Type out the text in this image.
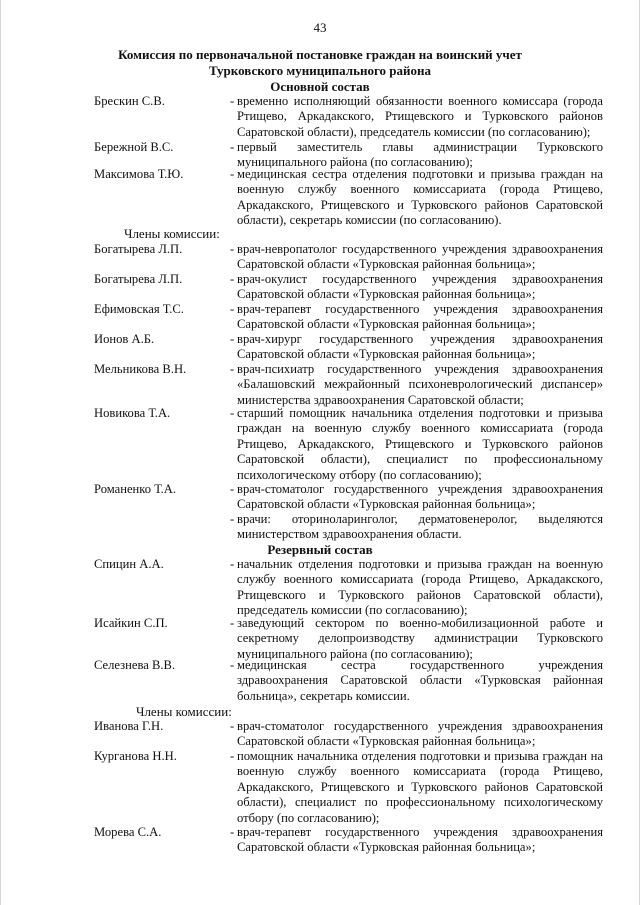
43
Комиссия по первоначальной постановке граждан на воинский учет
Турковского муниципального района
Основной состав
Брескин С.В.	- временно исполняющий обязанности военного комиссара (города Ртищево, Аркадакского, Ртищевского и Турковского районов Саратовской области), председатель комиссии (по согласованию);
Бережной В.С.	- первый заместитель главы администрации Турковского муниципального района (по согласованию);
Максимова Т.Ю.	- медицинская сестра отделения подготовки и призыва граждан на военную службу военного комиссариата (города Ртищево, Аркадакского, Ртищевского и Турковского районов Саратовской области), секретарь комиссии (по согласованию).
Члены комиссии:
Богатырева Л.П.	- врач-невропатолог государственного учреждения здравоохранения Саратовской области «Турковская районная больница»;
Богатырева Л.П.	- врач-окулист государственного учреждения здравоохранения Саратовской области «Турковская районная больница»;
Ефимовская Т.С.	- врач-терапевт государственного учреждения здравоохранения Саратовской области «Турковская районная больница»;
Ионов А.Б.	- врач-хирург государственного учреждения здравоохранения Саратовской области «Турковская районная больница»;
Мельникова В.Н.	- врач-психиатр государственного учреждения здравоохранения «Балашовский межрайонный психоневрологический диспансер» министерства здравоохранения Саратовской области;
Новикова Т.А.	- старший помощник начальника отделения подготовки и призыва граждан на военную службу военного комиссариата (города Ртищево, Аркадакского, Ртищевского и Турковского районов Саратовской области), специалист по профессиональному психологическому отбору (по согласованию);
Романенко Т.А.	- врач-стоматолог государственного учреждения здравоохранения Саратовской области «Турковская районная больница»;
- врачи: оториноларинголог, дерматовенеролог, выделяются министерством здравоохранения области.
Резервный состав
Спицин А.А.	- начальник отделения подготовки и призыва граждан на военную службу военного комиссариата (города Ртищево, Аркадакского, Ртищевского и Турковского районов Саратовской области), председатель комиссии (по согласованию);
Исайкин С.П.	- заведующий сектором по военно-мобилизационной работе и секретному делопроизводству администрации Турковского муниципального района (по согласованию);
Селезнева В.В.	- медицинская сестра государственного учреждения здравоохранения Саратовской области «Турковская районная больница», секретарь комиссии.
Члены комиссии:
Иванова Г.Н.	- врач-стоматолог государственного учреждения здравоохранения Саратовской области «Турковская районная больница»;
Курганова Н.Н.	- помощник начальника отделения подготовки и призыва граждан на военную службу военного комиссариата (города Ртищево, Аркадакского, Ртищевского и Турковского районов Саратовской области), специалист по профессиональному психологическому отбору (по согласованию);
Морева С.А.	- врач-терапевт государственного учреждения здравоохранения Саратовской области «Турковская районная больница»;
